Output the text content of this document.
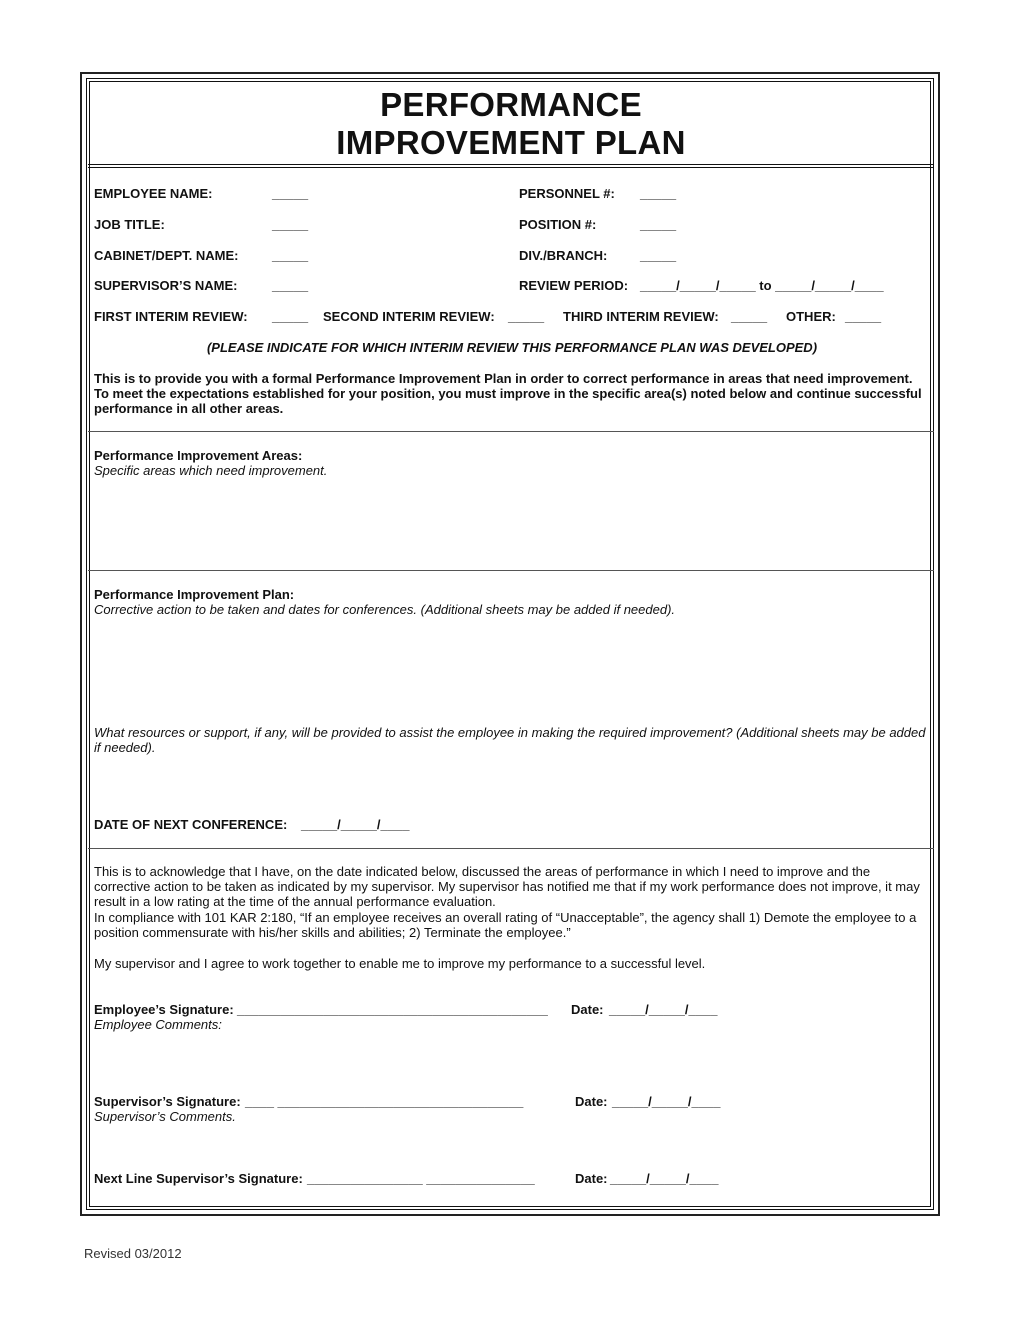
PERFORMANCE
IMPROVEMENT PLAN
EMPLOYEE NAME:	_____	PERSONNEL #: _____
JOB TITLE:	_____	POSITION #:	_____
CABINET/DEPT. NAME:	_____	DIV./BRANCH:	_____
SUPERVISOR’S NAME:	_____	REVIEW PERIOD: _____/_____/_____ to _____/_____/____
FIRST INTERIM REVIEW: _____ SECOND INTERIM REVIEW: _____ THIRD INTERIM REVIEW: _____ OTHER: _____
(PLEASE INDICATE FOR WHICH INTERIM REVIEW THIS PERFORMANCE PLAN WAS DEVELOPED)
This is to provide you with a formal Performance Improvement Plan in order to correct performance in areas that need improvement. To meet the expectations established for your position, you must improve in the specific area(s) noted below and continue successful performance in all other areas.
Performance Improvement Areas:
Specific areas which need improvement.
Performance Improvement Plan:
Corrective action to be taken and dates for conferences. (Additional sheets may be added if needed).
What resources or support, if any, will be provided to assist the employee in making the required improvement? (Additional sheets may be added if needed).
DATE OF NEXT CONFERENCE: _____/_____/____
This is to acknowledge that I have, on the date indicated below, discussed the areas of performance in which I need to improve and the corrective action to be taken as indicated by my supervisor. My supervisor has notified me that if my work performance does not improve, it may result in a low rating at the time of the annual performance evaluation.
In compliance with 101 KAR 2:180, “If an employee receives an overall rating of “Unacceptable”, the agency shall 1) Demote the employee to a position commensurate with his/her skills and abilities; 2) Terminate the employee.”
My supervisor and I agree to work together to enable me to improve my performance to a successful level.
Employee’s Signature: ___________________________________________ Date: _____/_____/____
Employee Comments:
Supervisor’s Signature: ____ __________________________________	Date: _____/_____/____
Supervisor’s Comments.
Next Line Supervisor’s Signature: ________________ _______________	Date: _____/_____/____
Revised 03/2012
